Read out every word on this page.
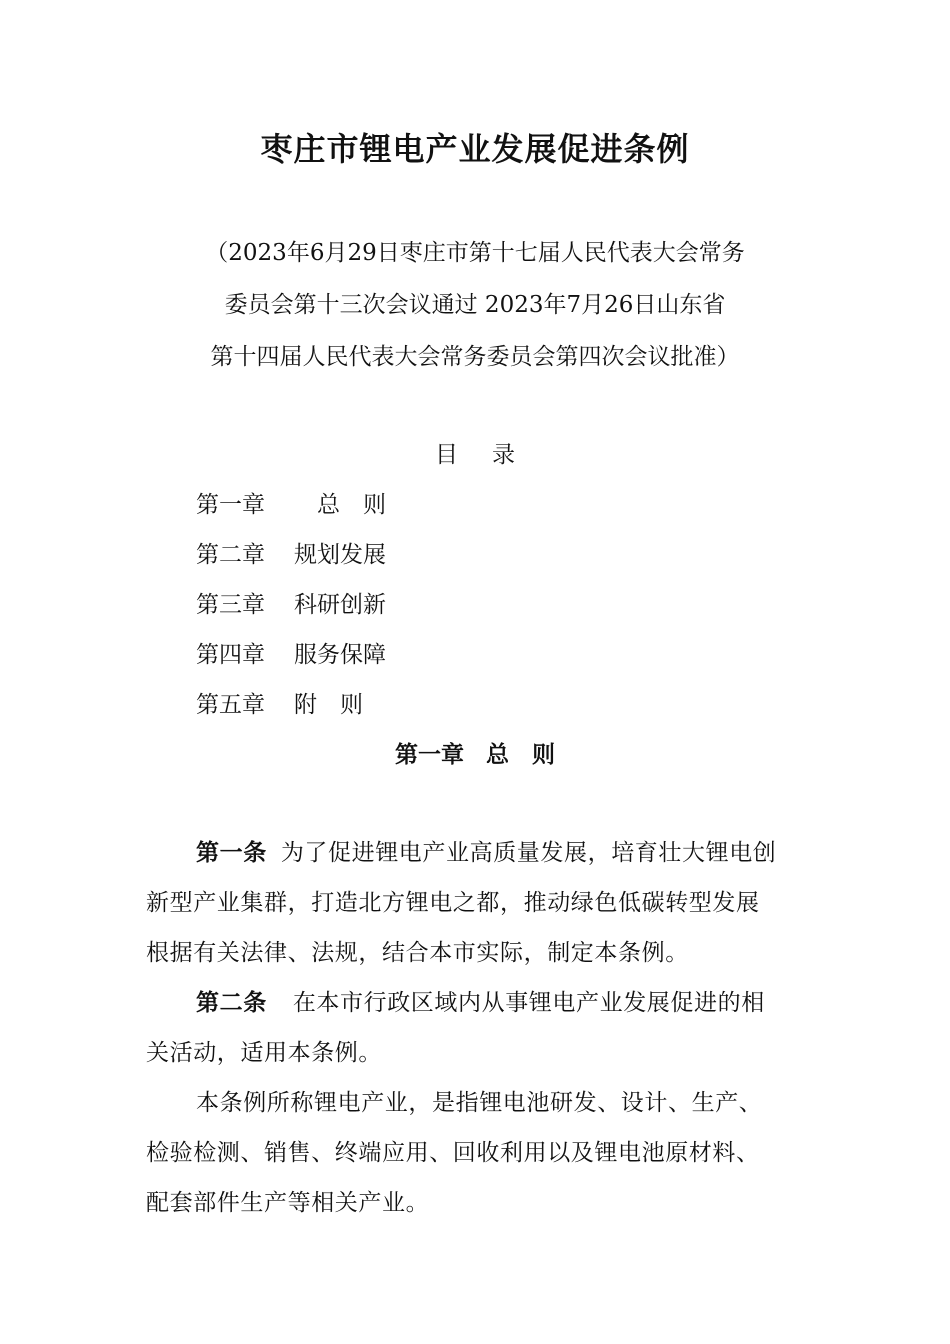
枣庄市锂电产业发展促进条例
（2023年6月29日枣庄市第十七届人民代表大会常务
委员会第十三次会议通过 2023年7月26日山东省
第十四届人民代表大会常务委员会第四次会议批准）
目 录
第一章　总　则
第二章 规划发展
第三章 科研创新
第四章 服务保障
第五章 附　则
第一章 总　则
第一条 为了促进锂电产业高质量发展，培育壮大锂电创
新型产业集群，打造北方锂电之都，推动绿色低碳转型发展
根据有关法律、法规，结合本市实际，制定本条例。
第二条 在本市行政区域内从事锂电产业发展促进的相
关活动，适用本条例。
本条例所称锂电产业，是指锂电池研发、设计、生产、
检验检测、销售、终端应用、回收利用以及锂电池原材料、
配套部件生产等相关产业。
